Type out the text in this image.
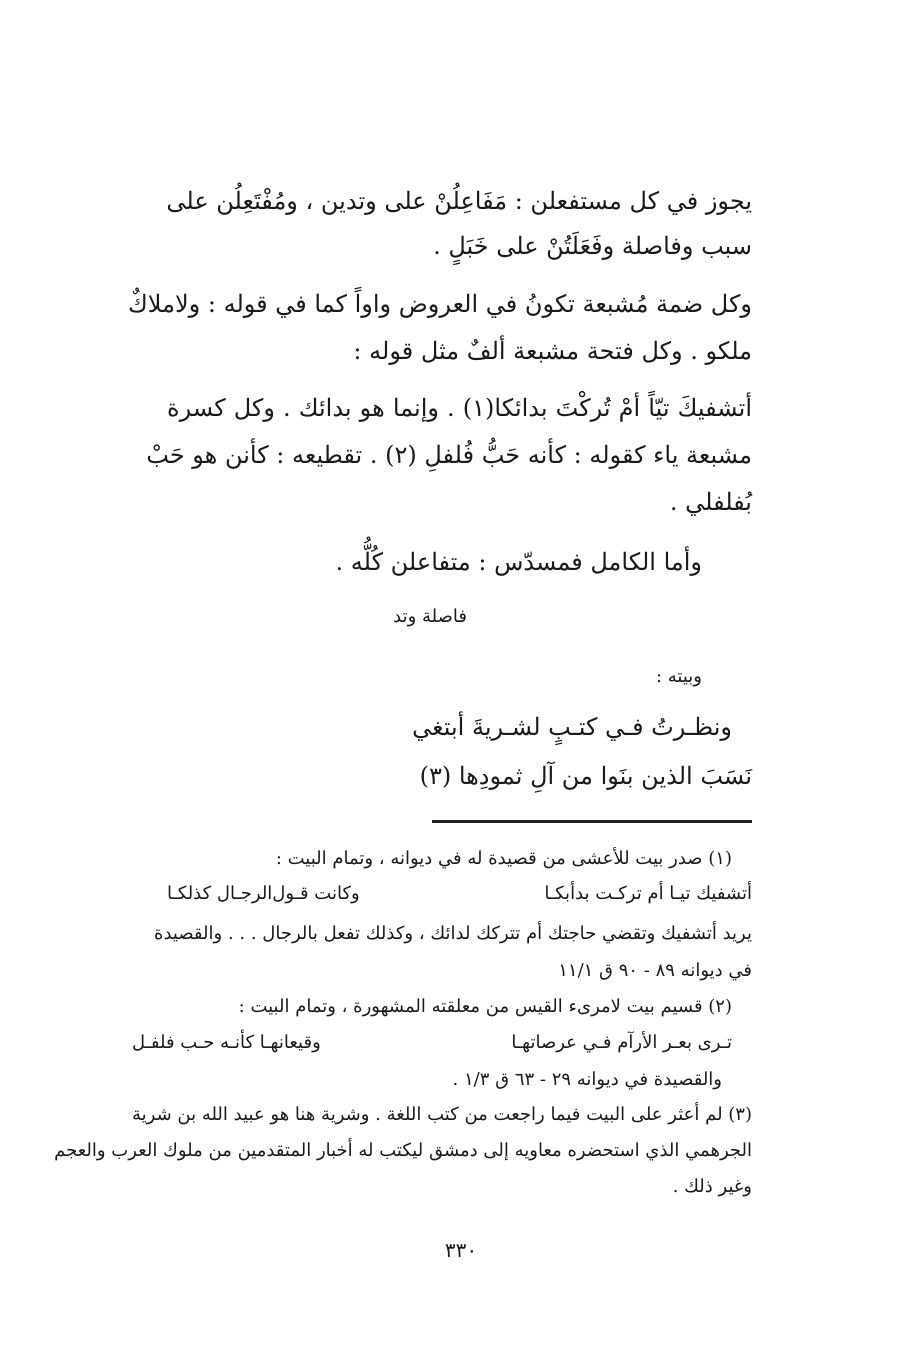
يجوز في كل مستفعلن : مَفَاعِلُنْ على وتدين ، ومُفْتَعِلُن على
سبب وفاصلة وفَعَلَتُنْ على خَبَلٍ .
وكل ضمة مُشبعة تكونُ في العروض واواً كما في قوله : ولاملاكٌ
ملكو . وكل فتحة مشبعة ألفٌ مثل قوله :
أتشفيكَ تيّاً أمْ تُركْتَ بدائكا(١) . وإنما هو بدائك . وكل كسرة
مشبعة ياء كقوله : كأنه حَبُّ فُلفلِ (٢) . تقطيعه : كأنن هو حَبْ
بُفلفلي .
وأما الكامل فمسدّس : متفاعلن كُلُّه .
فاصلة وتد
وبيته :
ونظـرتُ فـي كتـبٍ لشـريةَ أبتغي
نَسَبَ الذين بنَوا من آلِ ثمودِها (٣)
(١) صدر بيت للأعشى من قصيدة له في ديوانه ، وتمام البيت :
أتشفيك تيـا أم تركـت بدأبكـا
وكانت قـول‌الرجـال كذلكـا
يريد أتشفيك وتقضي حاجتك أم تتركك لدائك ، وكذلك تفعل بالرجال . . . والقصيدة
في ديوانه ٨٩ - ٩٠ ق ١١/١
(٢) قسيم بيت لامرىء القيس من معلقته المشهورة ، وتمام البيت :
تـرى بعـر الأرآم فـي عرصاتهـا
وقيعانهـا كأنـه حـب فلفـل
والقصيدة في ديوانه ٢٩ - ٦٣ ق ١/٣ .
(٣) لم أعثر على البيت فيما راجعت من كتب اللغة . وشرية هنا هو عبيد الله بن شرية
الجرهمي الذي استحضره معاويه إلى دمشق ليكتب له أخبار المتقدمين من ملوك العرب والعجم
وغير ذلك .
٣٣٠
